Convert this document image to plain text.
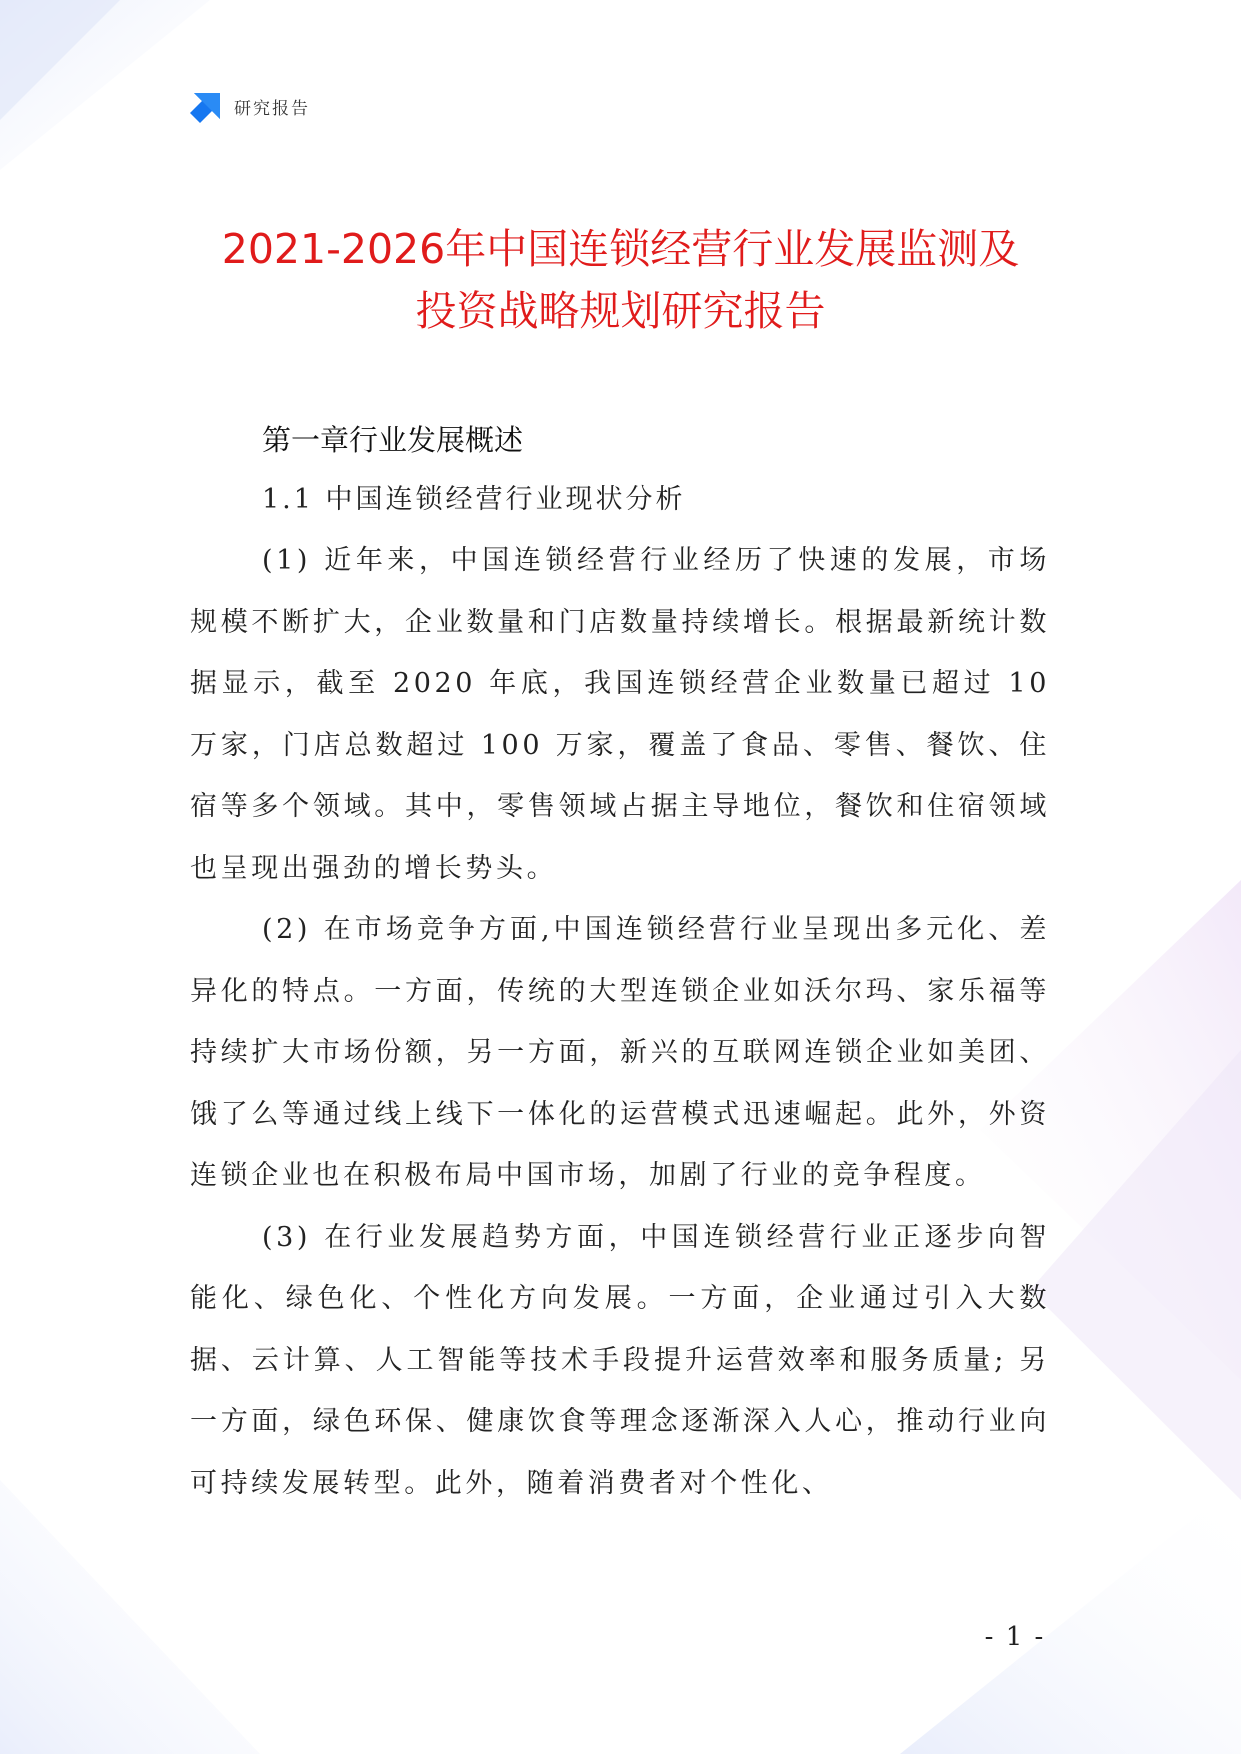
研究报告
2021-2026年中国连锁经营行业发展监测及
投资战略规划研究报告
第一章行业发展概述
1.1 中国连锁经营行业现状分析

(1) 近年来，中国连锁经营行业经历了快速的发展，市场规模不断扩大，企业数量和门店数量持续增长。根据最新统计数据显示，截至 2020 年底，我国连锁经营企业数量已超过 10 万家，门店总数超过 100 万家，覆盖了食品、零售、餐饮、住宿等多个领域。其中，零售领域占据主导地位，餐饮和住宿领域也呈现出强劲的增长势头。

(2) 在市场竞争方面,中国连锁经营行业呈现出多元化、差异化的特点。一方面，传统的大型连锁企业如沃尔玛、家乐福等持续扩大市场份额，另一方面，新兴的互联网连锁企业如美团、饿了么等通过线上线下一体化的运营模式迅速崛起。此外，外资连锁企业也在积极布局中国市场，加剧了行业的竞争程度。

(3) 在行业发展趋势方面，中国连锁经营行业正逐步向智能化、绿色化、个性化方向发展。一方面，企业通过引入大数据、云计算、人工智能等技术手段提升运营效率和服务质量; 另一方面，绿色环保、健康饮食等理念逐渐深入人心，推动行业向可持续发展转型。此外，随着消费者对个性化、

- 1 -
